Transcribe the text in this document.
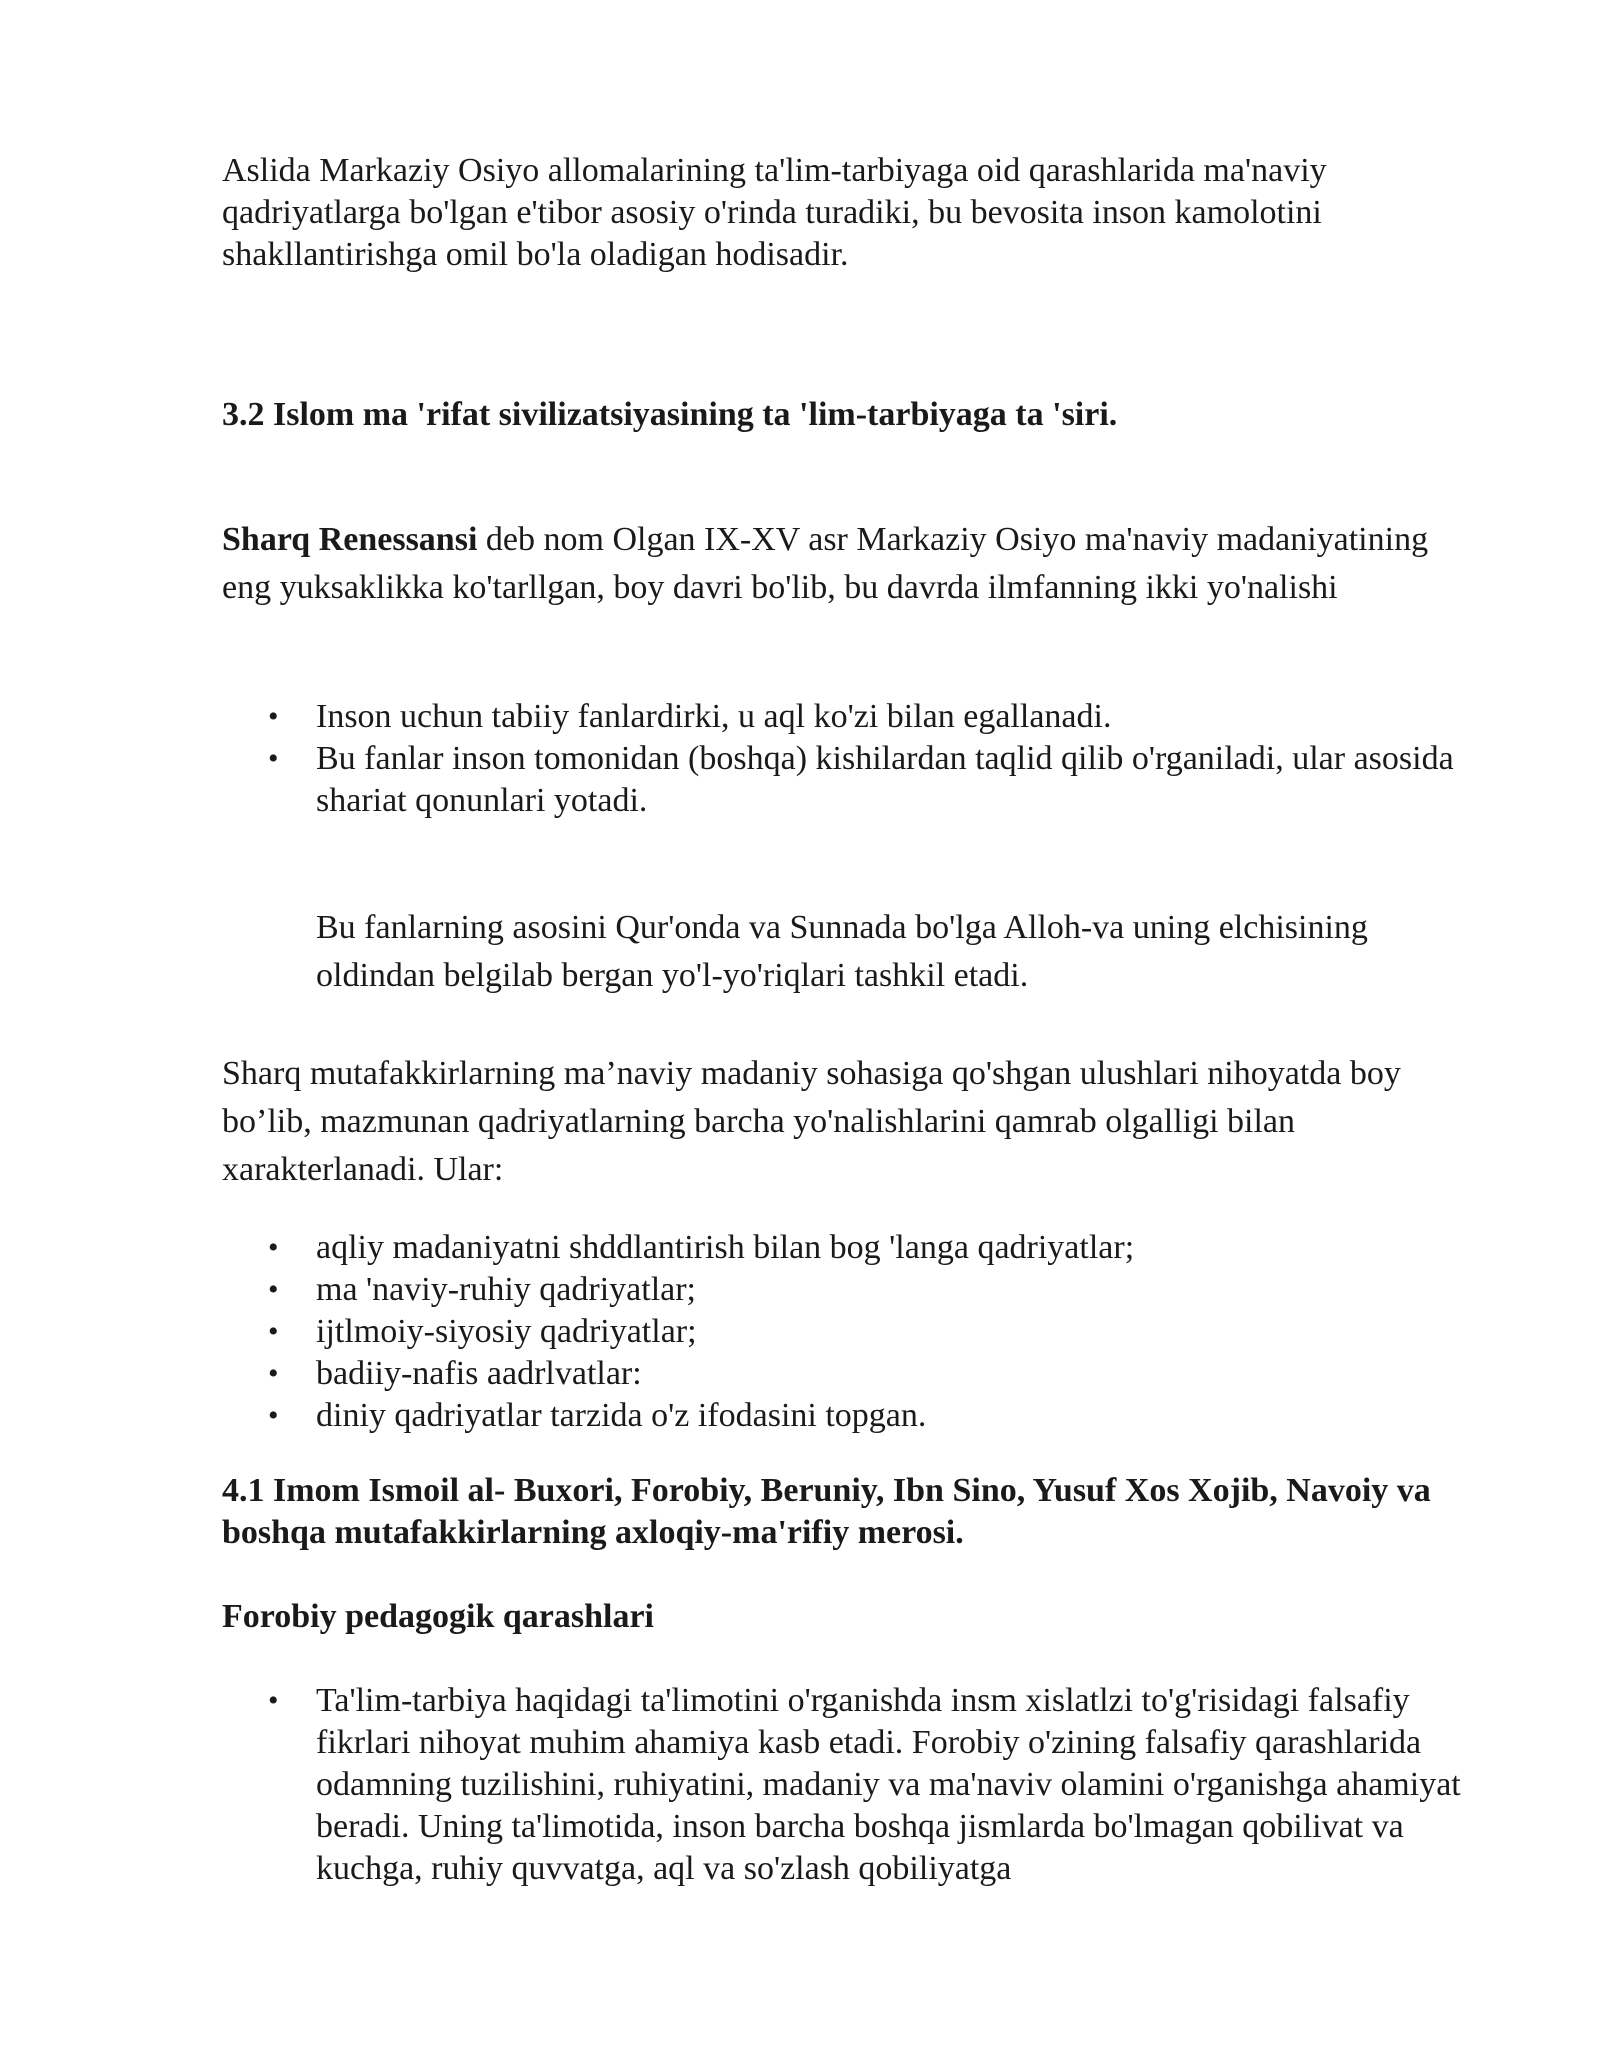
Aslida Markaziy Osiyo allomalarining ta'lim-tarbiyaga oid qarashlarida ma'naviy qadriyatlarga bo'lgan e'tibor asosiy o'rinda turadiki, bu bevosita inson kamolotini shakllantirishga omil bo'la oladigan hodisadir.

3.2 Islom ma 'rifat sivilizatsiyasining ta 'lim-tarbiyaga ta 'siri.

Sharq Renessansi deb nom Olgan IX-XV asr Markaziy Osiyo ma'naviy madaniyatining eng yuksaklikka ko'tarllgan, boy davri bo'lib, bu davrda ilmfanning ikki yo'nalishi

• Inson uchun tabiiy fanlardirki, u aql ko'zi bilan egallanadi.
• Bu fanlar inson tomonidan (boshqa) kishilardan taqlid qilib o'rganiladi, ular asosida shariat qonunlari yotadi.

Bu fanlarning asosini Qur'onda va Sunnada bo'lga Alloh-va uning elchisining oldindan belgilab bergan yo'l-yo'riqlari tashkil etadi.

Sharq mutafakkirlarning ma’naviy madaniy sohasiga qo'shgan ulushlari nihoyatda boy bo’lib, mazmunan qadriyatlarning barcha yo'nalishlarini qamrab olgalligi bilan xarakterlanadi. Ular:

• aqliy madaniyatni shddlantirish bilan bog 'langa qadriyatlar;
• ma 'naviy-ruhiy qadriyatlar;
• ijtlmoiy-siyosiy qadriyatlar;
• badiiy-nafis aadrlvatlar:
• diniy qadriyatlar tarzida o'z ifodasini topgan.

4.1 Imom Ismoil al- Buxori, Forobiy, Beruniy, Ibn Sino, Yusuf Xos Xojib, Navoiy va boshqa mutafakkirlarning axloqiy-ma'rifiy merosi.

Forobiy pedagogik qarashlari

• Ta'lim-tarbiya haqidagi ta'limotini o'rganishda insm xislatlzi to'g'risidagi falsafiy fikrlari nihoyat muhim ahamiya kasb etadi. Forobiy o'zining falsafiy qarashlarida odamning tuzilishini, ruhiyatini, madaniy va ma'naviv olamini o'rganishga ahamiyat beradi. Uning ta'limotida, inson barcha boshqa jismlarda bo'lmagan qobilivat va kuchga, ruhiy quvvatga, aql va so'zlash qobiliyatga
